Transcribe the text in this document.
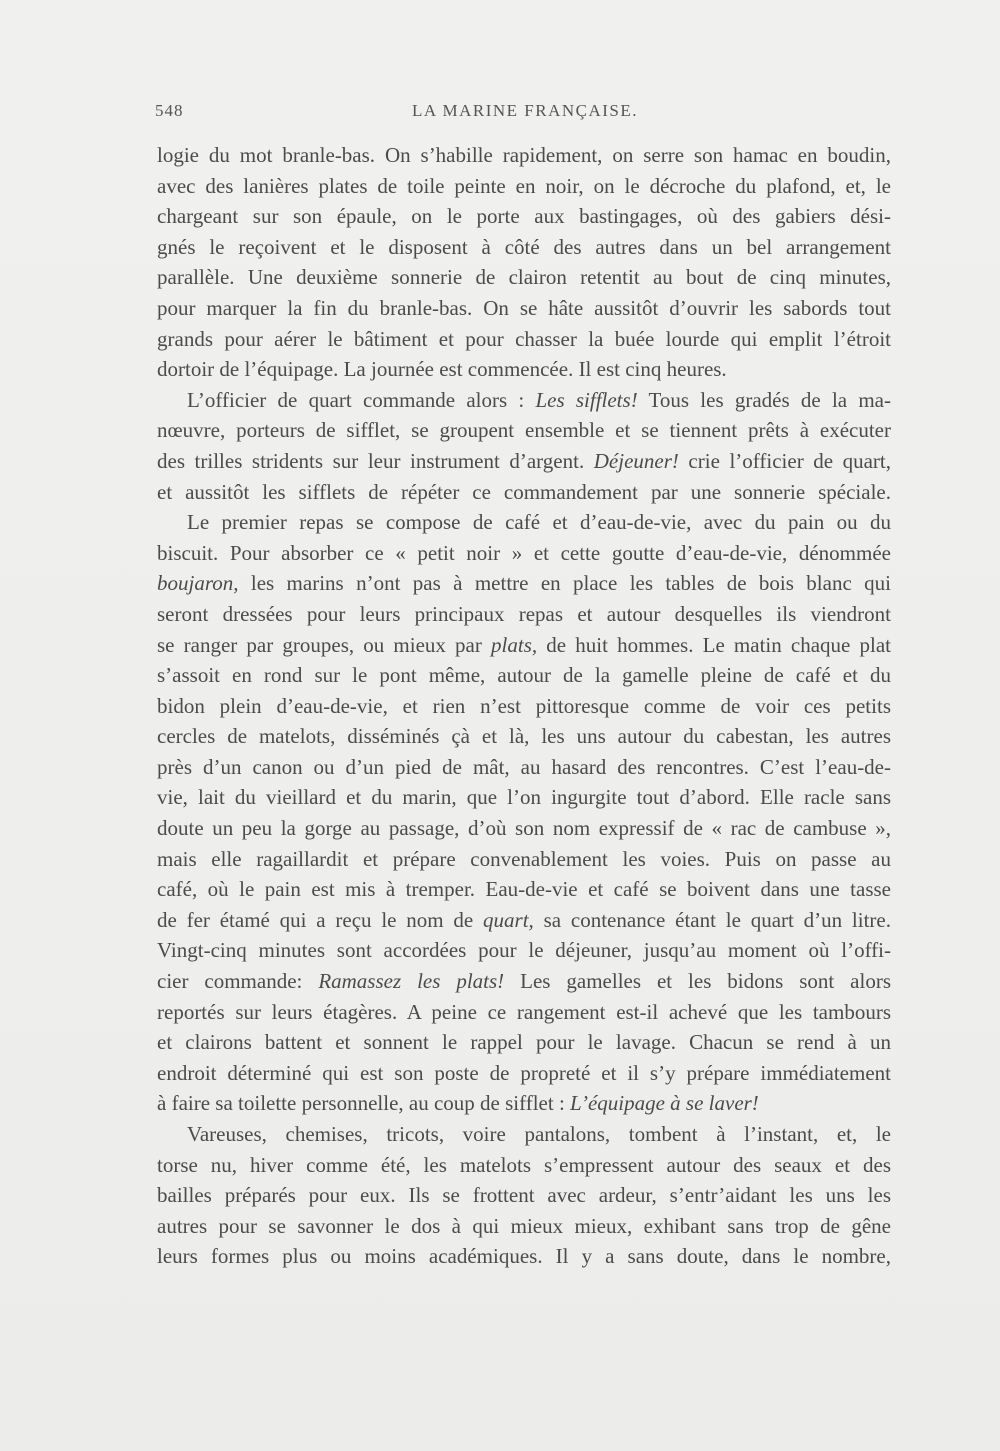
548	LA MARINE FRANÇAISE.
logie du mot branle-bas. On s’habille rapidement, on serre son hamac en boudin,
avec des lanières plates de toile peinte en noir, on le décroche du plafond, et, le
chargeant sur son épaule, on le porte aux bastingages, où des gabiers dési-
gnés le reçoivent et le disposent à côté des autres dans un bel arrangement
parallèle. Une deuxième sonnerie de clairon retentit au bout de cinq minutes,
pour marquer la fin du branle-bas. On se hâte aussitôt d’ouvrir les sabords tout
grands pour aérer le bâtiment et pour chasser la buée lourde qui emplit l’étroit
dortoir de l’équipage. La journée est commencée. Il est cinq heures.
L’officier de quart commande alors : Les sifflets! Tous les gradés de la ma-
nœuvre, porteurs de sifflet, se groupent ensemble et se tiennent prêts à exécuter
des trilles stridents sur leur instrument d’argent. Déjeuner! crie l’officier de quart,
et aussitôt les sifflets de répéter ce commandement par une sonnerie spéciale.
Le premier repas se compose de café et d’eau-de-vie, avec du pain ou du
biscuit. Pour absorber ce « petit noir » et cette goutte d’eau-de-vie, dénommée
boujaron, les marins n’ont pas à mettre en place les tables de bois blanc qui
seront dressées pour leurs principaux repas et autour desquelles ils viendront
se ranger par groupes, ou mieux par plats, de huit hommes. Le matin chaque plat
s’assoit en rond sur le pont même, autour de la gamelle pleine de café et du
bidon plein d’eau-de-vie, et rien n’est pittoresque comme de voir ces petits
cercles de matelots, disséminés çà et là, les uns autour du cabestan, les autres
près d’un canon ou d’un pied de mât, au hasard des rencontres. C’est l’eau-de-
vie, lait du vieillard et du marin, que l’on ingurgite tout d’abord. Elle racle sans
doute un peu la gorge au passage, d’où son nom expressif de « rac de cambuse »,
mais elle ragaillardit et prépare convenablement les voies. Puis on passe au
café, où le pain est mis à tremper. Eau-de-vie et café se boivent dans une tasse
de fer étamé qui a reçu le nom de quart, sa contenance étant le quart d’un litre.
Vingt-cinq minutes sont accordées pour le déjeuner, jusqu’au moment où l’offi-
cier commande: Ramassez les plats! Les gamelles et les bidons sont alors
reportés sur leurs étagères. A peine ce rangement est-il achevé que les tambours
et clairons battent et sonnent le rappel pour le lavage. Chacun se rend à un
endroit déterminé qui est son poste de propreté et il s’y prépare immédiatement
à faire sa toilette personnelle, au coup de sifflet : L’équipage à se laver!
Vareuses, chemises, tricots, voire pantalons, tombent à l’instant, et, le
torse nu, hiver comme été, les matelots s’empressent autour des seaux et des
bailles préparés pour eux. Ils se frottent avec ardeur, s’entr’aidant les uns les
autres pour se savonner le dos à qui mieux mieux, exhibant sans trop de gêne
leurs formes plus ou moins académiques. Il y a sans doute, dans le nombre,
